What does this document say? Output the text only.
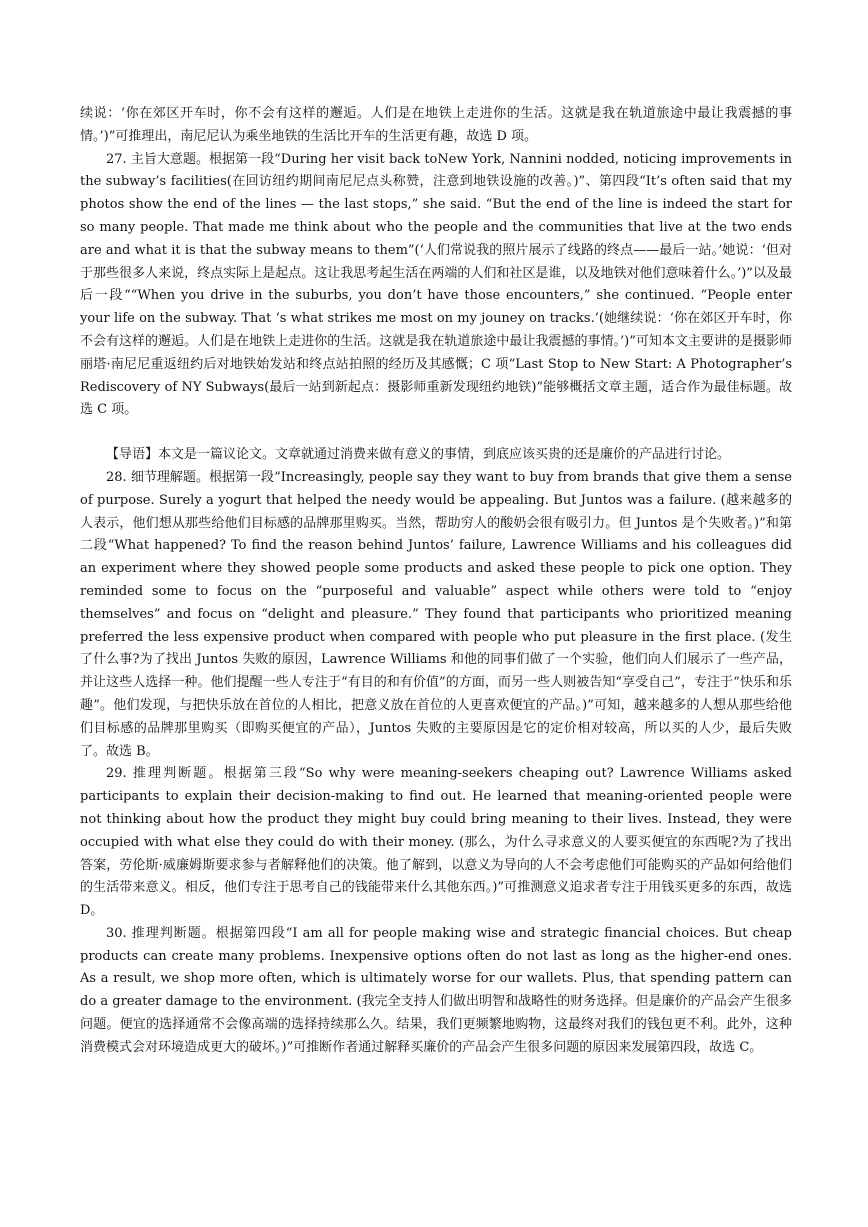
续说：‘你在郊区开车时，你不会有这样的邂逅。人们是在地铁上走进你的生活。这就是我在轨道旅途中最让我震撼的事情。’)”可推理出，南尼尼认为乘坐地铁的生活比开车的生活更有趣，故选 D 项。

27. 主旨大意题。根据第一段“During her visit back toNew York, Nannini nodded, noticing improvements in the subway’s facilities(在回访纽约期间南尼尼点头称赞，注意到地铁设施的改善。)”、第四段“It’s often said that my photos show the end of the lines — the last stops,” she said. “But the end of the line is indeed the start for so many people. That made me think about who the people and the communities that live at the two ends are and what it is that the subway means to them”(‘人们常说我的照片展示了线路的终点——最后一站。’她说：‘但对于那些很多人来说，终点实际上是起点。这让我思考起生活在两端的人们和社区是谁，以及地铁对他们意味着什么。’)”以及最后一段““When you drive in the suburbs, you don’t have those encounters,” she continued. “People enter your life on the subway. That ‘s what strikes me most on my jouney on tracks.’(她继续说：‘你在郊区开车时，你不会有这样的邂逅。人们是在地铁上走进你的生活。这就是我在轨道旅途中最让我震撼的事情。’)”可知本文主要讲的是摄影师丽塔·南尼尼重返纽约后对地铁始发站和终点站拍照的经历及其感慨；C 项“Last Stop to New Start: A Photographer’s Rediscovery of NY Subways(最后一站到新起点：摄影师重新发现纽约地铁)”能够概括文章主题，适合作为最佳标题。故选 C 项。

【导语】本文是一篇议论文。文章就通过消费来做有意义的事情，到底应该买贵的还是廉价的产品进行讨论。

28. 细节理解题。根据第一段“Increasingly, people say they want to buy from brands that give them a sense of purpose. Surely a yogurt that helped the needy would be appealing. But Juntos was a failure. (越来越多的人表示，他们想从那些给他们目标感的品牌那里购买。当然，帮助穷人的酸奶会很有吸引力。但 Juntos 是个失败者。)”和第二段“What happened? To find the reason behind Juntos’ failure, Lawrence Williams and his colleagues did an experiment where they showed people some products and asked these people to pick one option. They reminded some to focus on the “purposeful and valuable” aspect while others were told to “enjoy themselves” and focus on “delight and pleasure.” They found that participants who prioritized meaning preferred the less expensive product when compared with people who put pleasure in the first place. (发生了什么事?为了找出 Juntos 失败的原因，Lawrence Williams 和他的同事们做了一个实验，他们向人们展示了一些产品，并让这些人选择一种。他们提醒一些人专注于“有目的和有价值”的方面，而另一些人则被告知“享受自己”，专注于“快乐和乐趣”。他们发现，与把快乐放在首位的人相比，把意义放在首位的人更喜欢便宜的产品。)”可知，越来越多的人想从那些给他们目标感的品牌那里购买（即购买便宜的产品），Juntos 失败的主要原因是它的定价相对较高，所以买的人少，最后失败了。故选 B。

29. 推理判断题。根据第三段“So why were meaning-seekers cheaping out? Lawrence Williams asked participants to explain their decision-making to find out. He learned that meaning-oriented people were not thinking about how the product they might buy could bring meaning to their lives. Instead, they were occupied with what else they could do with their money. (那么，为什么寻求意义的人要买便宜的东西呢?为了找出答案，劳伦斯·威廉姆斯要求参与者解释他们的决策。他了解到，以意义为导向的人不会考虑他们可能购买的产品如何给他们的生活带来意义。相反，他们专注于思考自己的钱能带来什么其他东西。)”可推测意义追求者专注于用钱买更多的东西，故选 D。

30. 推理判断题。根据第四段“I am all for people making wise and strategic financial choices. But cheap products can create many problems. Inexpensive options often do not last as long as the higher-end ones. As a result, we shop more often, which is ultimately worse for our wallets. Plus, that spending pattern can do a greater damage to the environment. (我完全支持人们做出明智和战略性的财务选择。但是廉价的产品会产生很多问题。便宜的选择通常不会像高端的选择持续那么久。结果，我们更频繁地购物，这最终对我们的钱包更不利。此外，这种消费模式会对环境造成更大的破坏。)”可推断作者通过解释买廉价的产品会产生很多问题的原因来发展第四段，故选 C。
